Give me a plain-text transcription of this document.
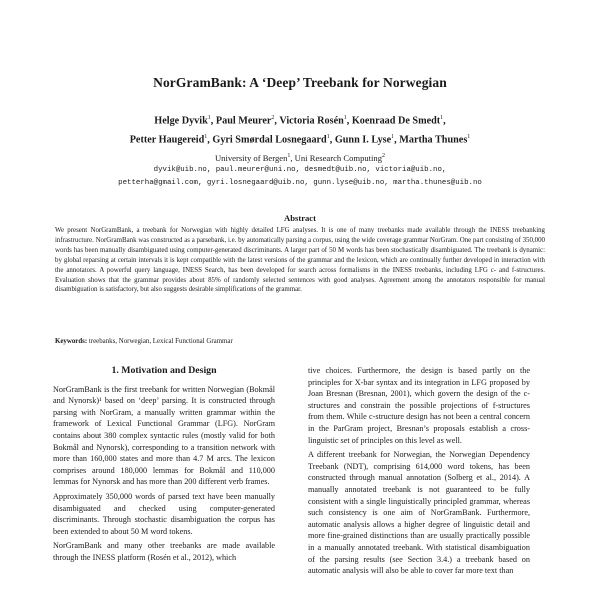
NorGramBank: A ‘Deep’ Treebank for Norwegian
Helge Dyvik$^1$, Paul Meurer$^2$, Victoria Rosén$^1$, Koenraad De Smedt$^1$,
Petter Haugereid$^1$, Gyri Smørdal Losnegaard$^1$, Gunn I. Lyse$^1$, Martha Thunes$^1$
University of Bergen$^1$, Uni Research Computing$^2$
dyvik@uib.no, paul.meurer@uni.no, desmedt@uib.no, victoria@uib.no,
petterha@gmail.com, gyri.losnegaard@uib.no, gunn.lyse@uib.no, martha.thunes@uib.no
Abstract
We present NorGramBank, a treebank for Norwegian with highly detailed LFG analyses. It is one of many treebanks made available through the INESS treebanking infrastructure. NorGramBank was constructed as a parsebank, i.e. by automatically parsing a corpus, using the wide coverage grammar NorGram. One part consisting of 350,000 words has been manually disambiguated using computer-generated discriminants. A larger part of 50 M words has been stochastically disambiguated. The treebank is dynamic: by global reparsing at certain intervals it is kept compatible with the latest versions of the grammar and the lexicon, which are continually further developed in interaction with the annotators. A powerful query language, INESS Search, has been developed for search across formalisms in the INESS treebanks, including LFG c- and f-structures. Evaluation shows that the grammar provides about 85% of randomly selected sentences with good analyses. Agreement among the annotators responsible for manual disambiguation is satisfactory, but also suggests desirable simplifications of the grammar.
Keywords: treebanks, Norwegian, Lexical Functional Grammar
1. Motivation and Design

NorGramBank is the first treebank for written Norwegian (Bokmål and Nynorsk)¹ based on ‘deep’ parsing. It is constructed through parsing with NorGram, a manually written grammar within the framework of Lexical Functional Grammar (LFG). NorGram contains about 380 complex syntactic rules (mostly valid for both Bokmål and Nynorsk), corresponding to a transition network with more than 160,000 states and more than 4.7 M arcs. The lexicon comprises around 180,000 lemmas for Bokmål and 110,000 lemmas for Nynorsk and has more than 200 different verb frames.

Approximately 350,000 words of parsed text have been manually disambiguated and checked using computer-generated discriminants. Through stochastic disambiguation the corpus has been extended to about 50 M word tokens.

NorGramBank and many other treebanks are made available through the INESS platform (Rosén et al., 2012), which

tive choices. Furthermore, the design is based partly on the principles for X-bar syntax and its integration in LFG proposed by Joan Bresnan (Bresnan, 2001), which govern the design of the c-structures and constrain the possible projections of f-structures from them. While c-structure design has not been a central concern in the ParGram project, Bresnan’s proposals establish a cross-linguistic set of principles on this level as well.

A different treebank for Norwegian, the Norwegian Dependency Treebank (NDT), comprising 614,000 word tokens, has been constructed through manual annotation (Solberg et al., 2014). A manually annotated treebank is not guaranteed to be fully consistent with a single linguistically principled grammar, whereas such consistency is one aim of NorGramBank. Furthermore, automatic analysis allows a higher degree of linguistic detail and more fine-grained distinctions than are usually practically possible in a manually annotated treebank. With statistical disambiguation of the parsing results (see Section 3.4.) a treebank based on automatic analysis will also be able to cover far more text than
